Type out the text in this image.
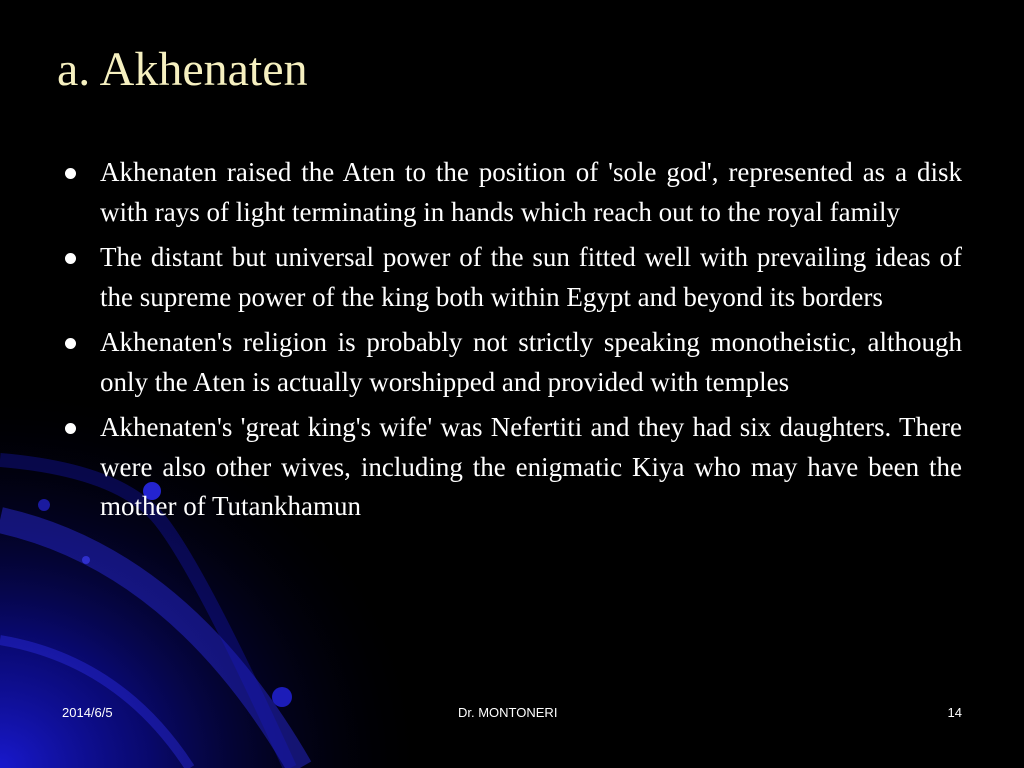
a. Akhenaten
Akhenaten raised the Aten to the position of 'sole god', represented as a disk with rays of light terminating in hands which reach out to the royal family
The distant but universal power of the sun fitted well with prevailing ideas of the supreme power of the king both within Egypt and beyond its borders
Akhenaten's religion is probably not strictly speaking monotheistic, although only the Aten is actually worshipped and provided with temples
Akhenaten's 'great king's wife' was Nefertiti and they had six daughters. There were also other wives, including the enigmatic Kiya who may have been the mother of Tutankhamun
2014/6/5	Dr. MONTONERI	14
